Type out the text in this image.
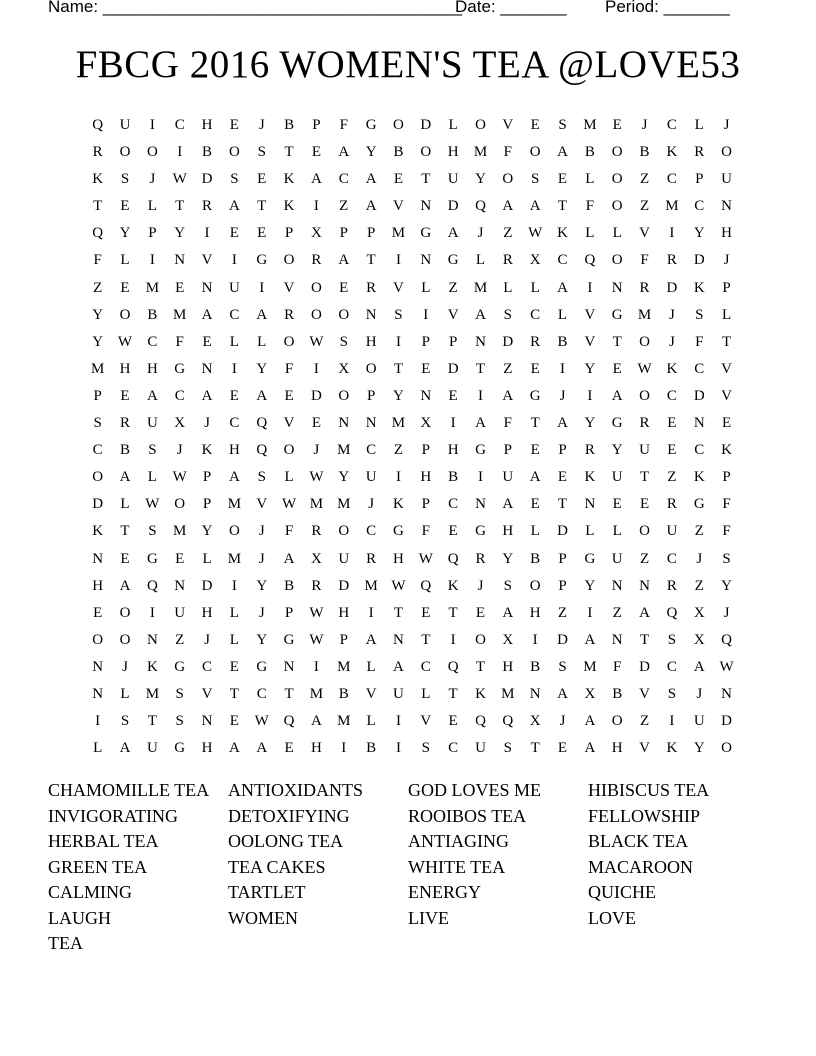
Name: ______________________________________

Date: _______

Period: _______

FBCG 2016 WOMEN'S TEA @LOVE53
Q	U	I	C	H	E	J	B	P	F	G	O	D	L	O	V	E	S	M	E	J	C	L	J
R	O	O	I	B	O	S	T	E	A	Y	B	O	H	M	F	O	A	B	O	B	K	R	O
K	S	J	W D	S	E	K	A	C	A	E	T	U	Y	O	S	E	L	O	Z	C	P	U
T	E	L	T	R	A	T	K	I	Z	A	V	N	D	Q	A	A	T	F	O	Z	M	C	N
Q	Y	P	Y	I	E	E	P	X	P	P	M	G	A	J	Z	W K	L	L	V	I	Y	H
F	L	I	N	V	I	G	O	R	A	T	I	N	G	L	R	X	C	Q	O	F	R	D	J
Z	E	M	E	N	U	I	V	O	E	R	V	L	Z	M	L	L	A	I	N	R	D	K	P
Y	O	B	M	A	C	A	R	O	O	N	S	I	V	A	S	C	L	V	G	M	J	S	L
Y W	C	F	E	L	L	O W	S	H	I	P	P	N	D	R	B	V	T	O	J	F	T
M	H	H	G	N	I	Y	F	I	X	O	T	E	D	T	Z	E	I	Y	E	W K	C	V
P	E	A	C	A	E	A	E	D	O	P	Y	N	E	I	A	G	J	I	A	O	C	D	V
S	R	U	X	J	C	Q	V	E	N	N	M	X	I	A	F	T	A	Y	G	R	E	N	E
C	B	S	J	K	H	Q	O	J	M	C	Z	P	H	G	P	E	P	R	Y	U	E	C	K
O	A	L	W	P	A	S	L	W Y	U	I	H	B	I	U	A	E	K	U	T	Z	K	P
D	L	W O	P	M	V W M M	J	K	P	C	N	A	E	T	N	E	E	R	G	F
K	T	S	M	Y	O	J	F	R	O	C	G	F	E	G	H	L	D	L	L	O	U	Z	F
N	E	G	E	L	M	J	A	X	U	R	H W Q	R	Y	B	P	G	U	Z	C	J	S
H	A	Q	N	D	I	Y	B	R	D	M W Q	K	J	S	O	P	Y	N	N	R	Z	Y
E	O	I	U	H	L	J	P	W H	I	T	E	T	E	A	H	Z	I	Z	A	Q	X	J
O	O	N	Z	J	L	Y	G W	P	A	N	T	I	O	X	I	D	A	N	T	S	X	Q
N	J	K	G	C	E	G	N	I	M	L	A	C	Q	T	H	B	S	M	F	D	C	A W
N	L	M	S	V	T	C	T	M	B	V	U	L	T	K	M	N	A	X	B	V	S	J	N
I	S	T	S	N	E	W Q	A	M	L	I	V	E	Q	Q	X	J	A	O	Z	I	U	D
L	A	U	G	H	A	A	E	H	I	B	I	S	C	U	S	T	E	A	H	V	K	Y	O
CHAMOMILLE TEA	ANTIOXIDANTS	GOD LOVES ME	HIBISCUS TEA
INVIGORATING	DETOXIFYING	ROOIBOS TEA	FELLOWSHIP
HERBAL TEA	OOLONG TEA	ANTIAGING	BLACK TEA
GREEN TEA	TEA CAKES	WHITE TEA	MACAROON
CALMING	TARTLET	ENERGY	QUICHE
LAUGH	WOMEN	LIVE	LOVE
TEA
